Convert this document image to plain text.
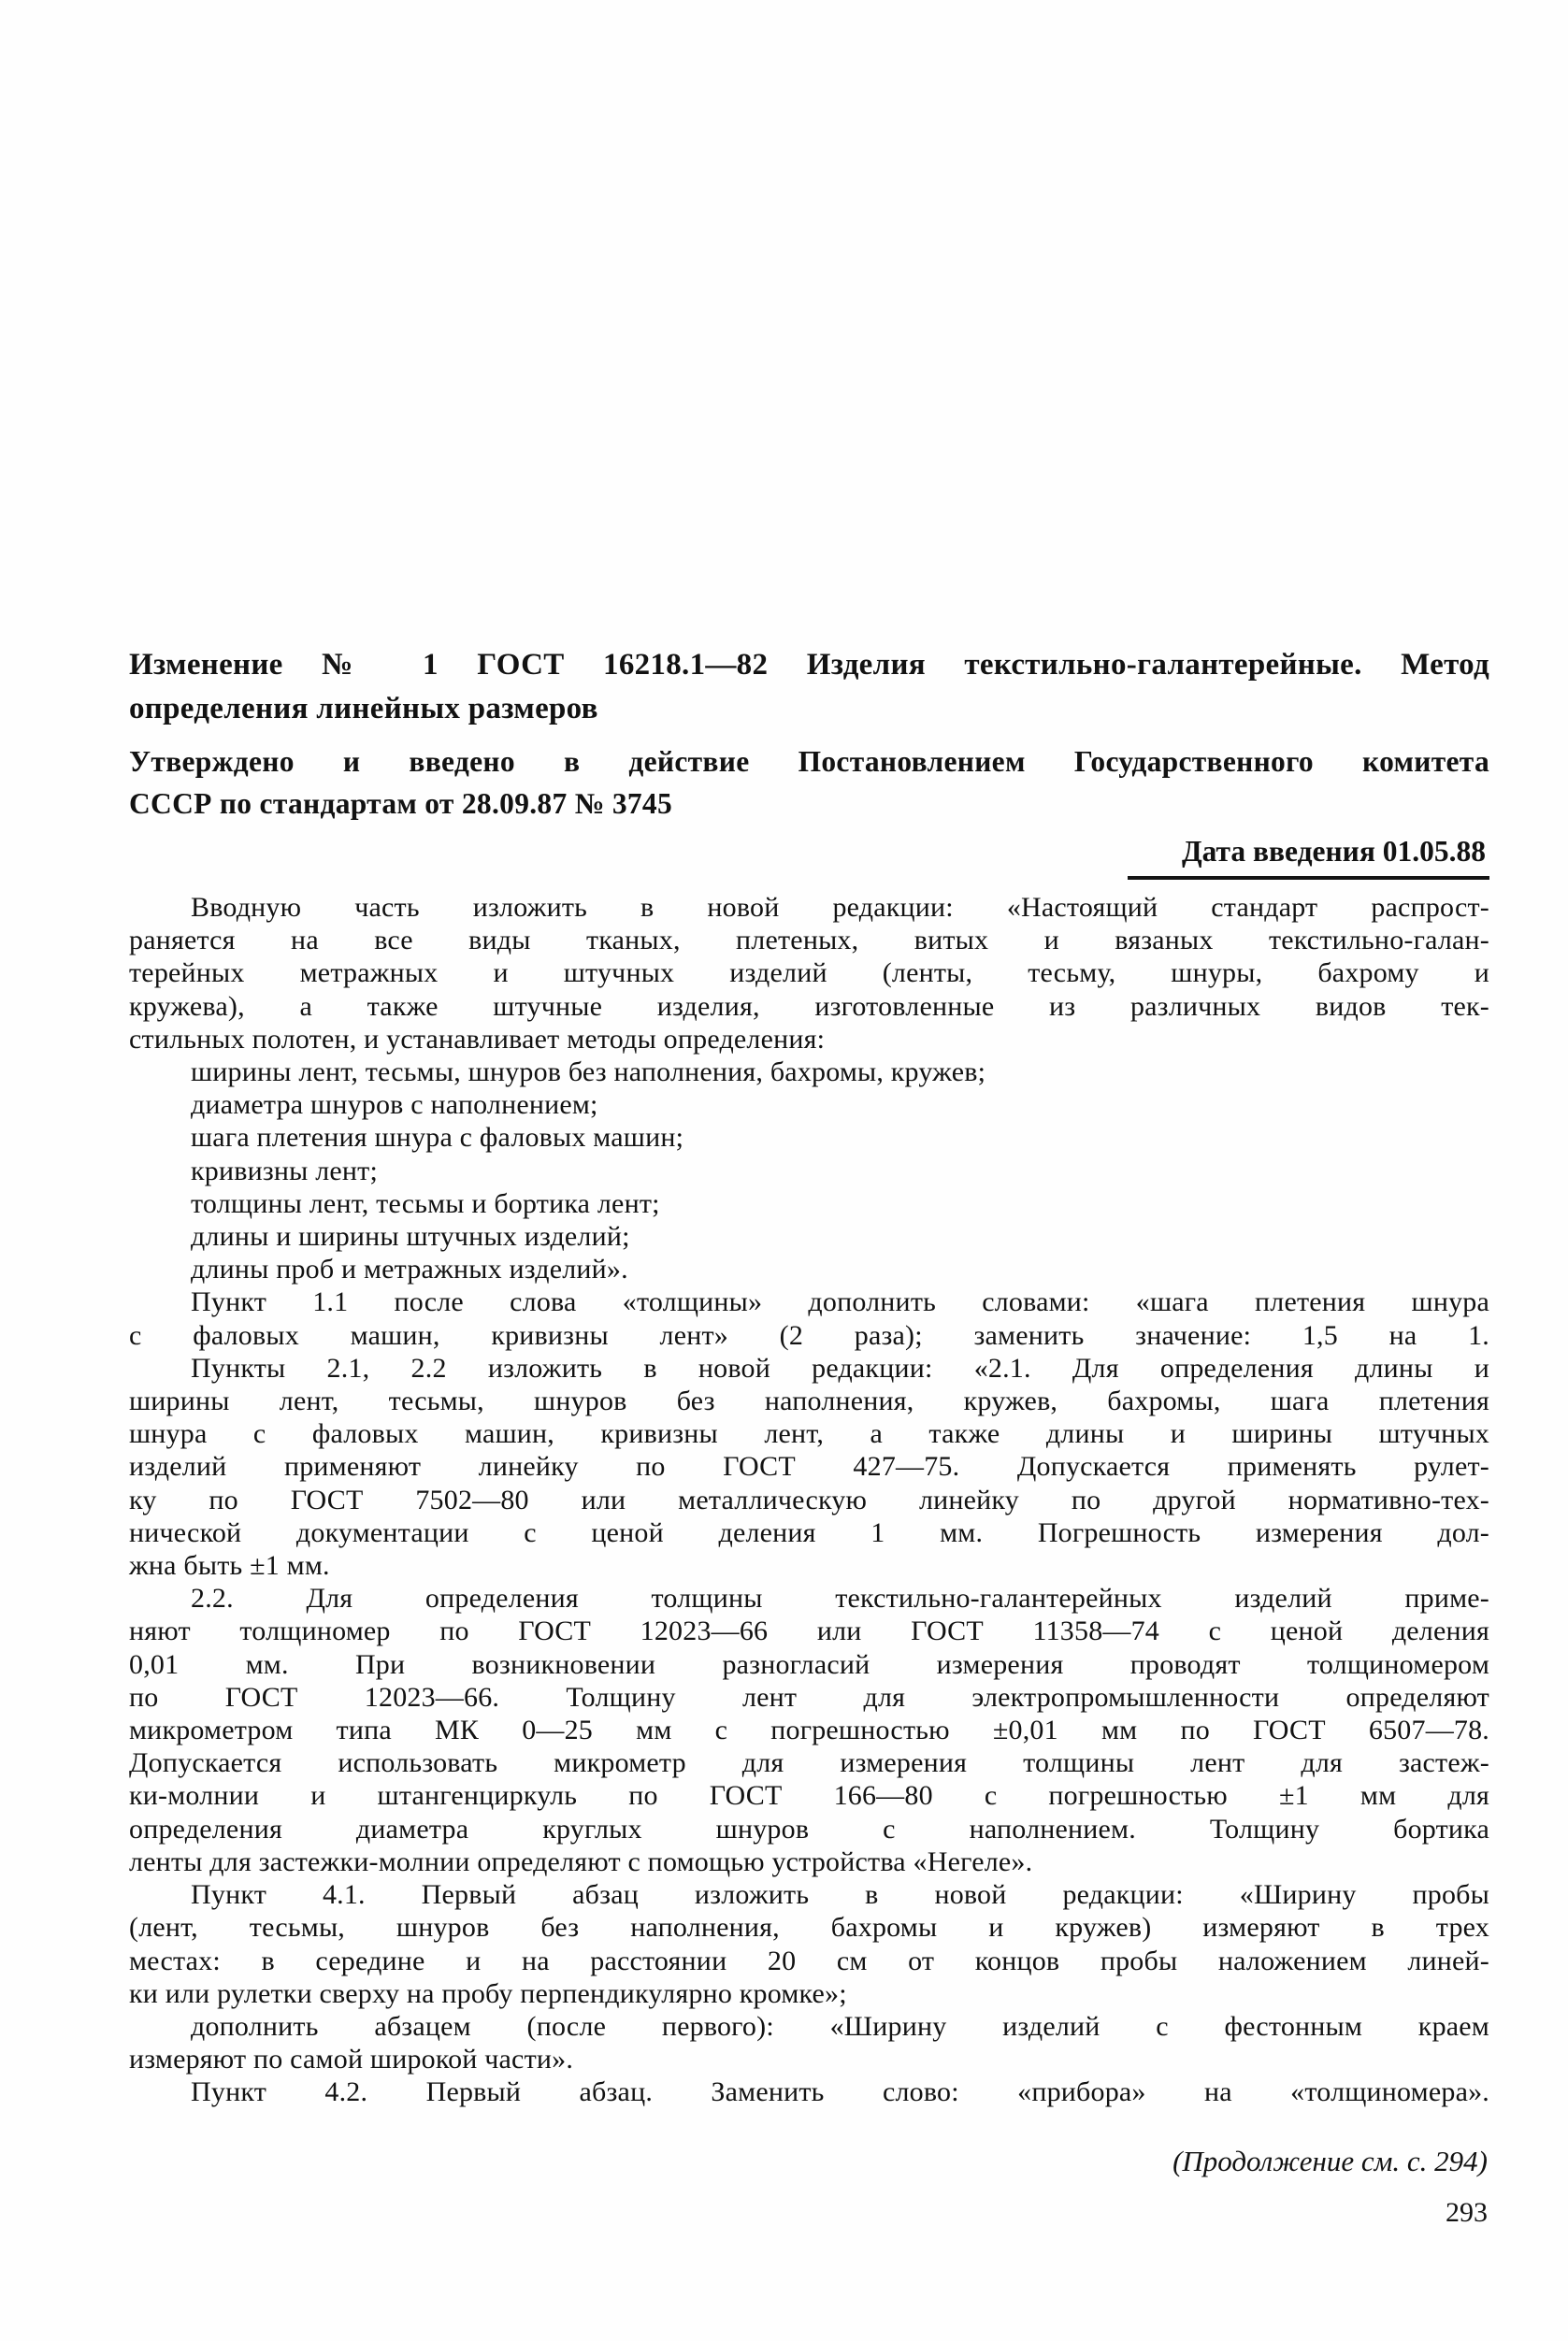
Изменение № 1 ГОСТ 16218.1—82 Изделия текстильно-галантерейные. Метод
определения линейных размеров
Утверждено и введено в действие Постановлением Государственного комитета
СССР по стандартам от 28.09.87 № 3745
Дата введения 01.05.88
Вводную часть изложить в новой редакции: «Настоящий стандарт распрост-
раняется на все виды тканых, плетеных, витых и вязаных текстильно-галан-
терейных метражных и штучных изделий (ленты, тесьму, шнуры, бахрому и
кружева), а также штучные изделия, изготовленные из различных видов тек-
стильных полотен, и устанавливает методы определения:
ширины лент, тесьмы, шнуров без наполнения, бахромы, кружев;
диаметра шнуров с наполнением;
шага плетения шнура с фаловых машин;
кривизны лент;
толщины лент, тесьмы и бортика лент;
длины и ширины штучных изделий;
длины проб и метражных изделий».
Пункт 1.1 после слова «толщины» дополнить словами: «шага плетения шнура
с фаловых машин, кривизны лент» (2 раза); заменить значение: 1,5 на 1.
Пункты 2.1, 2.2 изложить в новой редакции: «2.1. Для определения длины и
ширины лент, тесьмы, шнуров без наполнения, кружев, бахромы, шага плетения
шнура с фаловых машин, кривизны лент, а также длины и ширины штучных
изделий применяют линейку по ГОСТ 427—75. Допускается применять рулет-
ку по ГОСТ 7502—80 или металлическую линейку по другой нормативно-тех-
нической документации с ценой деления 1 мм. Погрешность измерения дол-
жна быть ±1 мм.
2.2. Для определения толщины текстильно-галантерейных изделий приме-
няют толщиномер по ГОСТ 12023—66 или ГОСТ 11358—74 с ценой деления
0,01 мм. При возникновении разногласий измерения проводят толщиномером
по ГОСТ 12023—66. Толщину лент для электропромышленности определяют
микрометром типа МК 0—25 мм с погрешностью ±0,01 мм по ГОСТ 6507—78.
Допускается использовать микрометр для измерения толщины лент для застеж-
ки-молнии и штангенциркуль по ГОСТ 166—80 с погрешностью ±1 мм для
определения диаметра круглых шнуров с наполнением. Толщину бортика
ленты для застежки-молнии определяют с помощью устройства «Негеле».
Пункт 4.1. Первый абзац изложить в новой редакции: «Ширину пробы
(лент, тесьмы, шнуров без наполнения, бахромы и кружев) измеряют в трех
местах: в середине и на расстоянии 20 см от концов пробы наложением линей-
ки или рулетки сверху на пробу перпендикулярно кромке»;
дополнить абзацем (после первого): «Ширину изделий с фестонным краем
измеряют по самой широкой части».
Пункт 4.2. Первый абзац. Заменить слово: «прибора» на «толщиномера».
(Продолжение см. с. 294)
293
